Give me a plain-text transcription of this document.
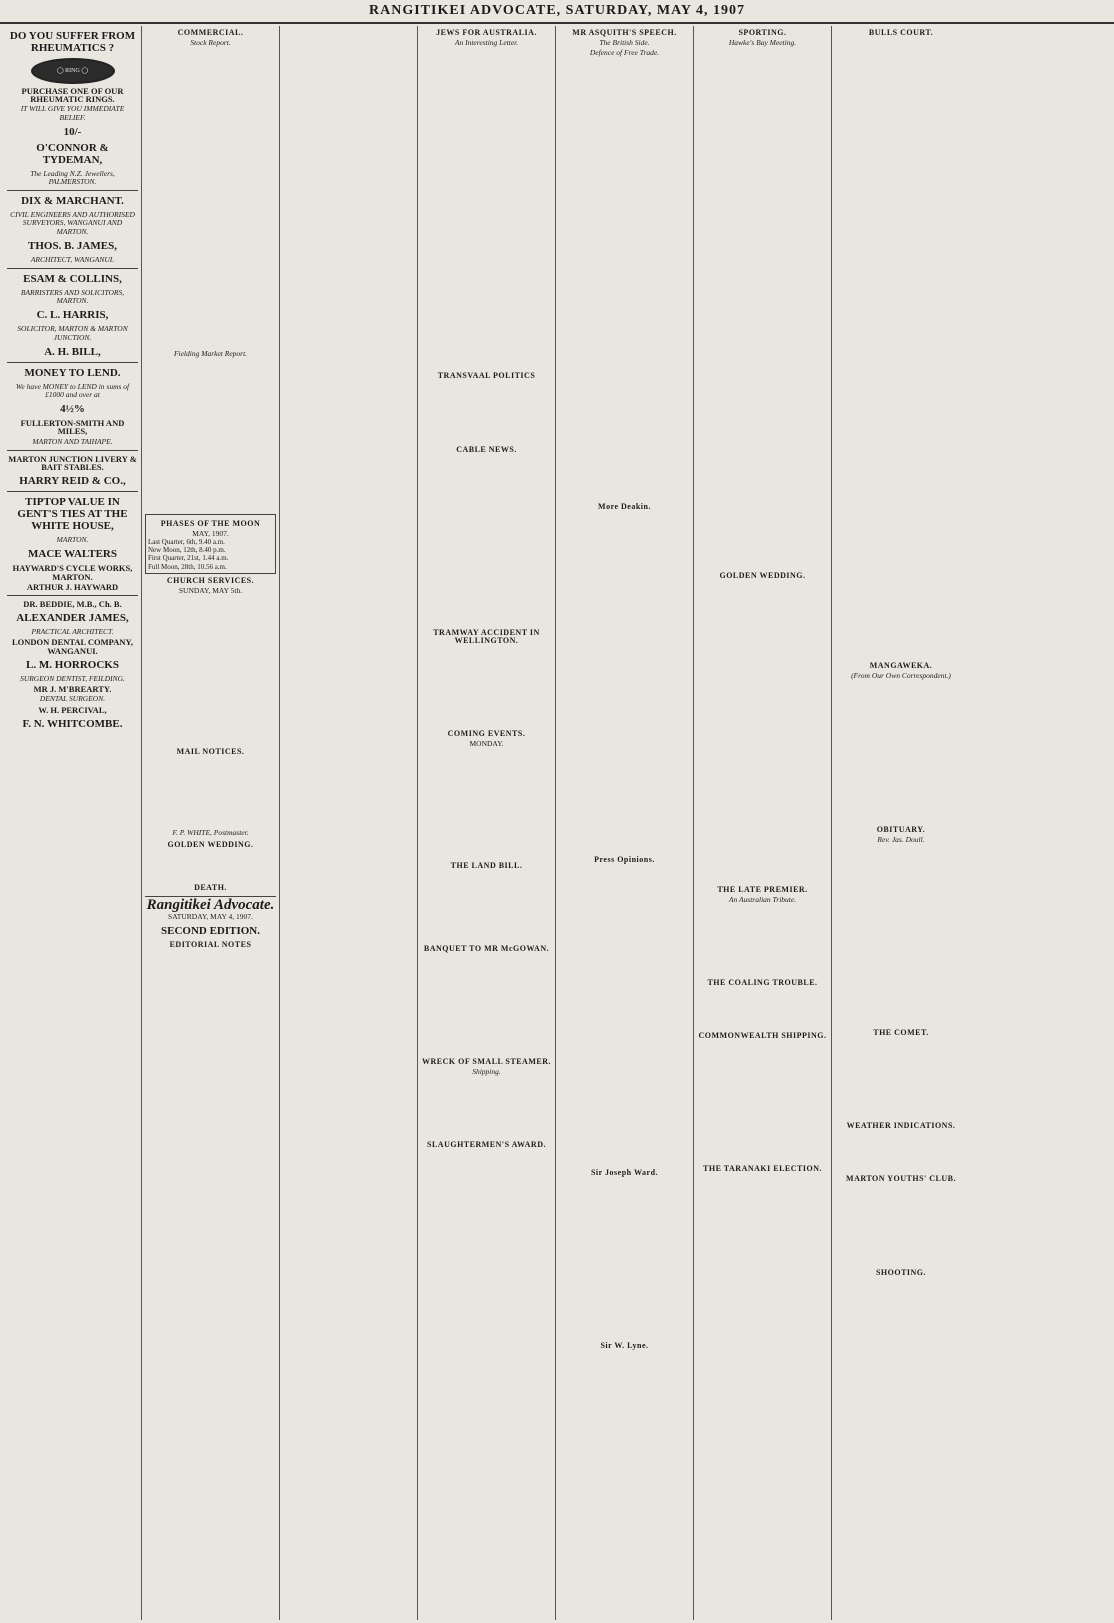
RANGITIKEI ADVOCATE, SATURDAY, MAY 4, 1907
DO YOU SUFFER FROM RHEUMATICS ?
◯ RING ◯
PURCHASE ONE OF OUR RHEUMATIC RINGS.
IT WILL GIVE YOU IMMEDIATE BELIEF.
10/-
O'CONNOR & TYDEMAN,
The Leading N.Z. Jewellers, PALMERSTON.
DIX & MARCHANT.
CIVIL ENGINEERS AND AUTHORISED SURVEYORS, WANGANUI AND MARTON.
THOS. B. JAMES,
ARCHITECT, WANGANUI.
ESAM & COLLINS,
BARRISTERS AND SOLICITORS, MARTON.
C. L. HARRIS,
SOLICITOR, MARTON & MARTON JUNCTION.
A. H. BILL,
MONEY TO LEND.
We have MONEY to LEND in sums of £1000 and over at
4½%
FULLERTON-SMITH AND MILES,
MARTON AND TAIHAPE.
MARTON JUNCTION LIVERY & BAIT STABLES.
HARRY REID & CO.,
TIPTOP VALUE IN GENT'S TIES AT THE WHITE HOUSE,
MARTON.
MACE WALTERS
HAYWARD'S CYCLE WORKS, MARTON.
ARTHUR J. HAYWARD
DR. BEDDIE, M.B., Ch. B.
ALEXANDER JAMES,
PRACTICAL ARCHITECT.
LONDON DENTAL COMPANY, WANGANUI.
L. M. HORROCKS
SURGEON DENTIST, FEILDING.
MR J. M'BREARTY.
DENTAL SURGEON.
W. H. PERCIVAL,
F. N. WHITCOMBE.
COMMERCIAL.
Stock Report.
Fielding Market Report.
PHASES OF THE MOON
MAY, 1907.
Last Quarter, 6th, 9.40 a.m.
New Moon, 12th, 8.40 p.m.
First Quarter, 21st, 1.44 a.m.
Full Moon, 28th, 10.56 a.m.
CHURCH SERVICES.
SUNDAY, MAY 5th.
MAIL NOTICES.
F. P. WHITE, Postmaster.
GOLDEN WEDDING.
DEATH.
Rangitikei Advocate.
SATURDAY, MAY 4, 1907.
SECOND EDITION.
EDITORIAL NOTES
JEWS FOR AUSTRALIA.
An Interesting Letter.
TRANSVAAL POLITICS
CABLE NEWS.
TRAMWAY ACCIDENT IN WELLINGTON.
COMING EVENTS.
MONDAY.
THE LAND BILL.
BANQUET TO MR McGOWAN.
WRECK OF SMALL STEAMER.
Shipping.
SLAUGHTERMEN'S AWARD.
MR ASQUITH'S SPEECH.
The British Side.
Defence of Free Trade.
More Deakin.
Press Opinions.
Sir Joseph Ward.
Sir W. Lyne.
SPORTING.
Hawke's Bay Meeting.
GOLDEN WEDDING.
THE LATE PREMIER.
An Australian Tribute.
THE COALING TROUBLE.
COMMONWEALTH SHIPPING.
THE TARANAKI ELECTION.
BULLS COURT.
MANGAWEKA.
(From Our Own Correspondent.)
OBITUARY.
Rev. Jas. Doull.
THE COMET.
WEATHER INDICATIONS.
MARTON YOUTHS' CLUB.
SHOOTING.
